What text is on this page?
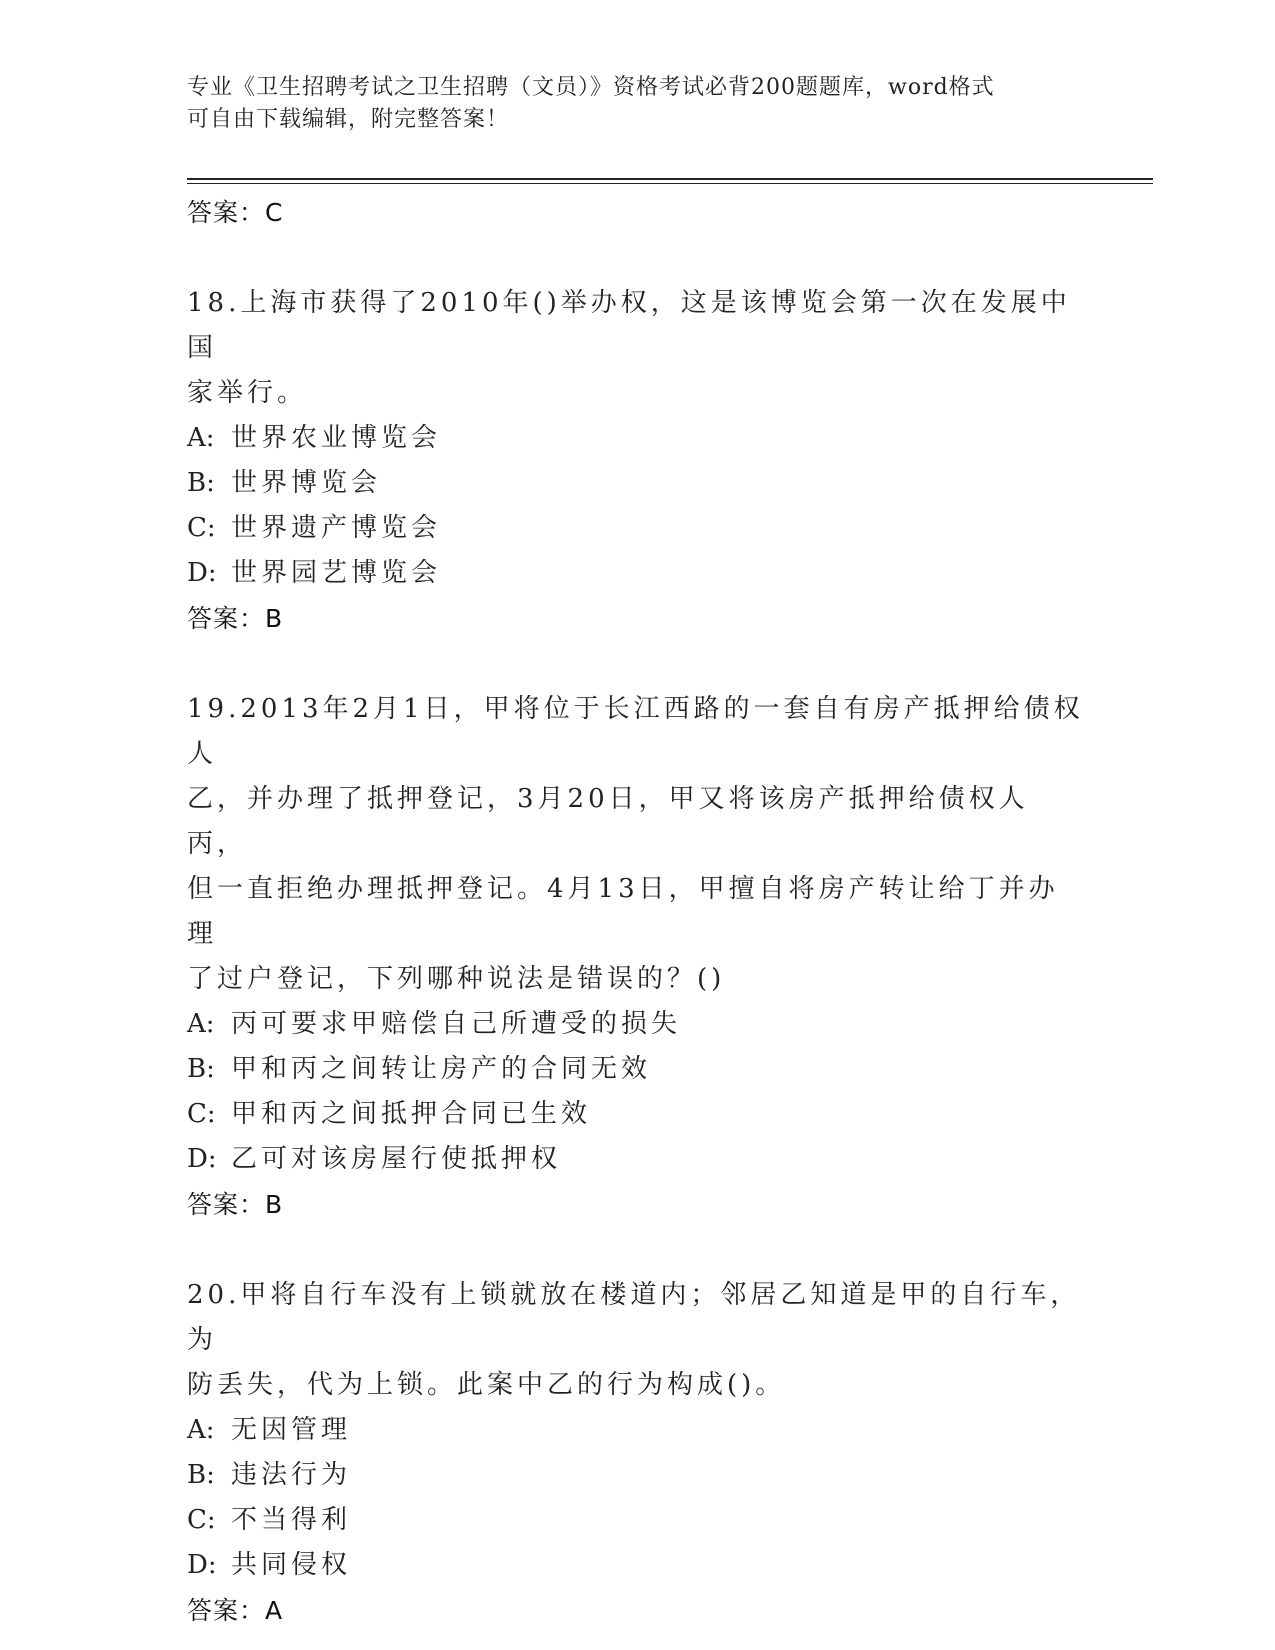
专业《卫生招聘考试之卫生招聘（文员）》资格考试必背200题题库，word格式
可自由下载编辑，附完整答案！
答案：C
18.上海市获得了2010年()举办权，这是该博览会第一次在发展中国
家举行。
A: 世界农业博览会
B: 世界博览会
C: 世界遗产博览会
D: 世界园艺博览会
答案：B
19.2013年2月1日，甲将位于长江西路的一套自有房产抵押给债权人
乙，并办理了抵押登记，3月20日，甲又将该房产抵押给债权人丙，
但一直拒绝办理抵押登记。4月13日，甲擅自将房产转让给丁并办理
了过户登记，下列哪种说法是错误的？()
A: 丙可要求甲赔偿自己所遭受的损失
B: 甲和丙之间转让房产的合同无效
C: 甲和丙之间抵押合同已生效
D: 乙可对该房屋行使抵押权
答案：B
20.甲将自行车没有上锁就放在楼道内；邻居乙知道是甲的自行车，为
防丢失，代为上锁。此案中乙的行为构成()。
A: 无因管理
B: 违法行为
C: 不当得利
D: 共同侵权
答案：A
